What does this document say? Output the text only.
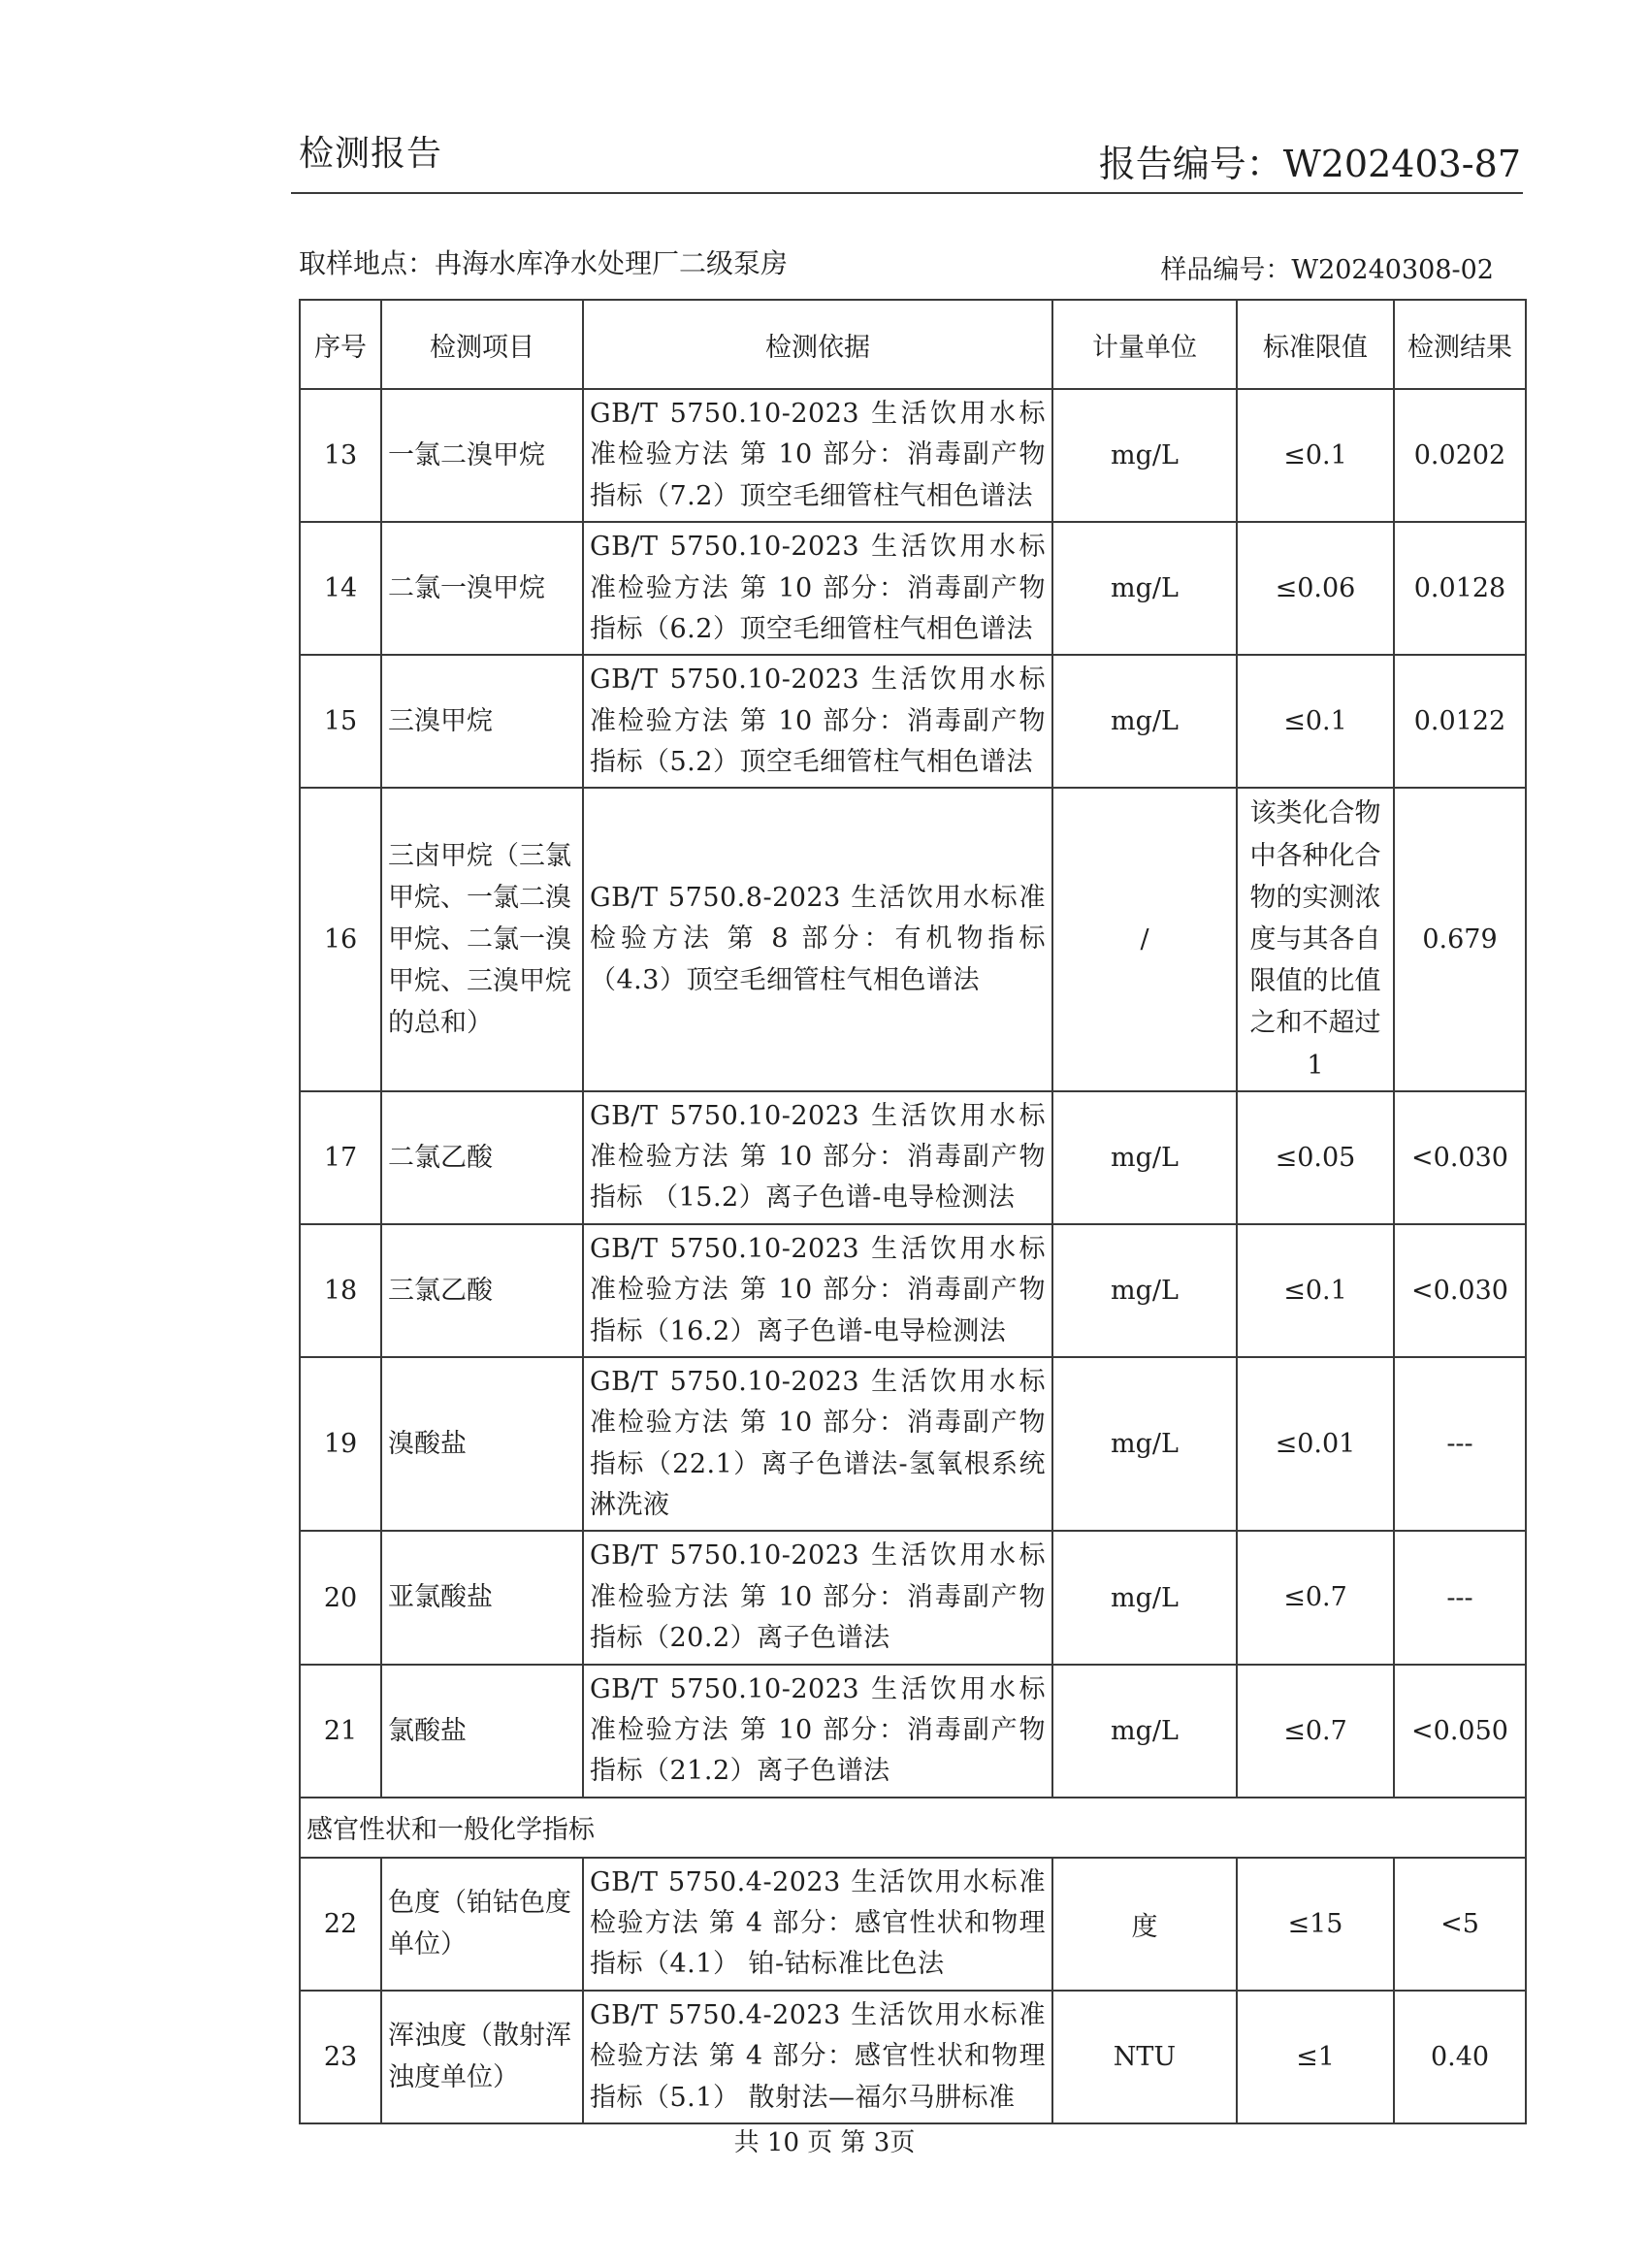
检测报告	报告编号：W202403-87
取样地点：冉海水库净水处理厂二级泵房	样品编号：W20240308-02
序号	检测项目	检测依据	计量单位	标准限值	检测结果
13	一氯二溴甲烷	GB/T 5750.10-2023 生活饮用水标准检验方法 第 10 部分：消毒副产物指标（7.2）顶空毛细管柱气相色谱法	mg/L	≤0.1	0.0202
14	二氯一溴甲烷	GB/T 5750.10-2023 生活饮用水标准检验方法 第 10 部分：消毒副产物指标（6.2）顶空毛细管柱气相色谱法	mg/L	≤0.06	0.0128
15	三溴甲烷	GB/T 5750.10-2023 生活饮用水标准检验方法 第 10 部分：消毒副产物指标（5.2）顶空毛细管柱气相色谱法	mg/L	≤0.1	0.0122
16	三卤甲烷（三氯甲烷、一氯二溴甲烷、二氯一溴甲烷、三溴甲烷的总和）	GB/T 5750.8-2023 生活饮用水标准检验方法 第 8 部分：有机物指标（4.3）顶空毛细管柱气相色谱法	/	该类化合物中各种化合物的实测浓度与其各自限值的比值之和不超过1	0.679
17	二氯乙酸	GB/T 5750.10-2023 生活饮用水标准检验方法 第 10 部分：消毒副产物指标 （15.2）离子色谱-电导检测法	mg/L	≤0.05	<0.030
18	三氯乙酸	GB/T 5750.10-2023 生活饮用水标准检验方法 第 10 部分：消毒副产物指标（16.2）离子色谱-电导检测法	mg/L	≤0.1	<0.030
19	溴酸盐	GB/T 5750.10-2023 生活饮用水标准检验方法 第 10 部分：消毒副产物指标（22.1）离子色谱法-氢氧根系统淋洗液	mg/L	≤0.01	---
20	亚氯酸盐	GB/T 5750.10-2023 生活饮用水标准检验方法 第 10 部分：消毒副产物指标（20.2）离子色谱法	mg/L	≤0.7	---
21	氯酸盐	GB/T 5750.10-2023 生活饮用水标准检验方法 第 10 部分：消毒副产物指标（21.2）离子色谱法	mg/L	≤0.7	<0.050
感官性状和一般化学指标					
22	色度（铂钴色度单位）	GB/T 5750.4-2023 生活饮用水标准检验方法 第 4 部分：感官性状和物理指标（4.1） 铂-钴标准比色法	度	≤15	<5
23	浑浊度（散射浑浊度单位）	GB/T 5750.4-2023 生活饮用水标准检验方法 第 4 部分：感官性状和物理指标（5.1） 散射法—福尔马肼标准	NTU	≤1	0.40
共 10 页 第 3页
